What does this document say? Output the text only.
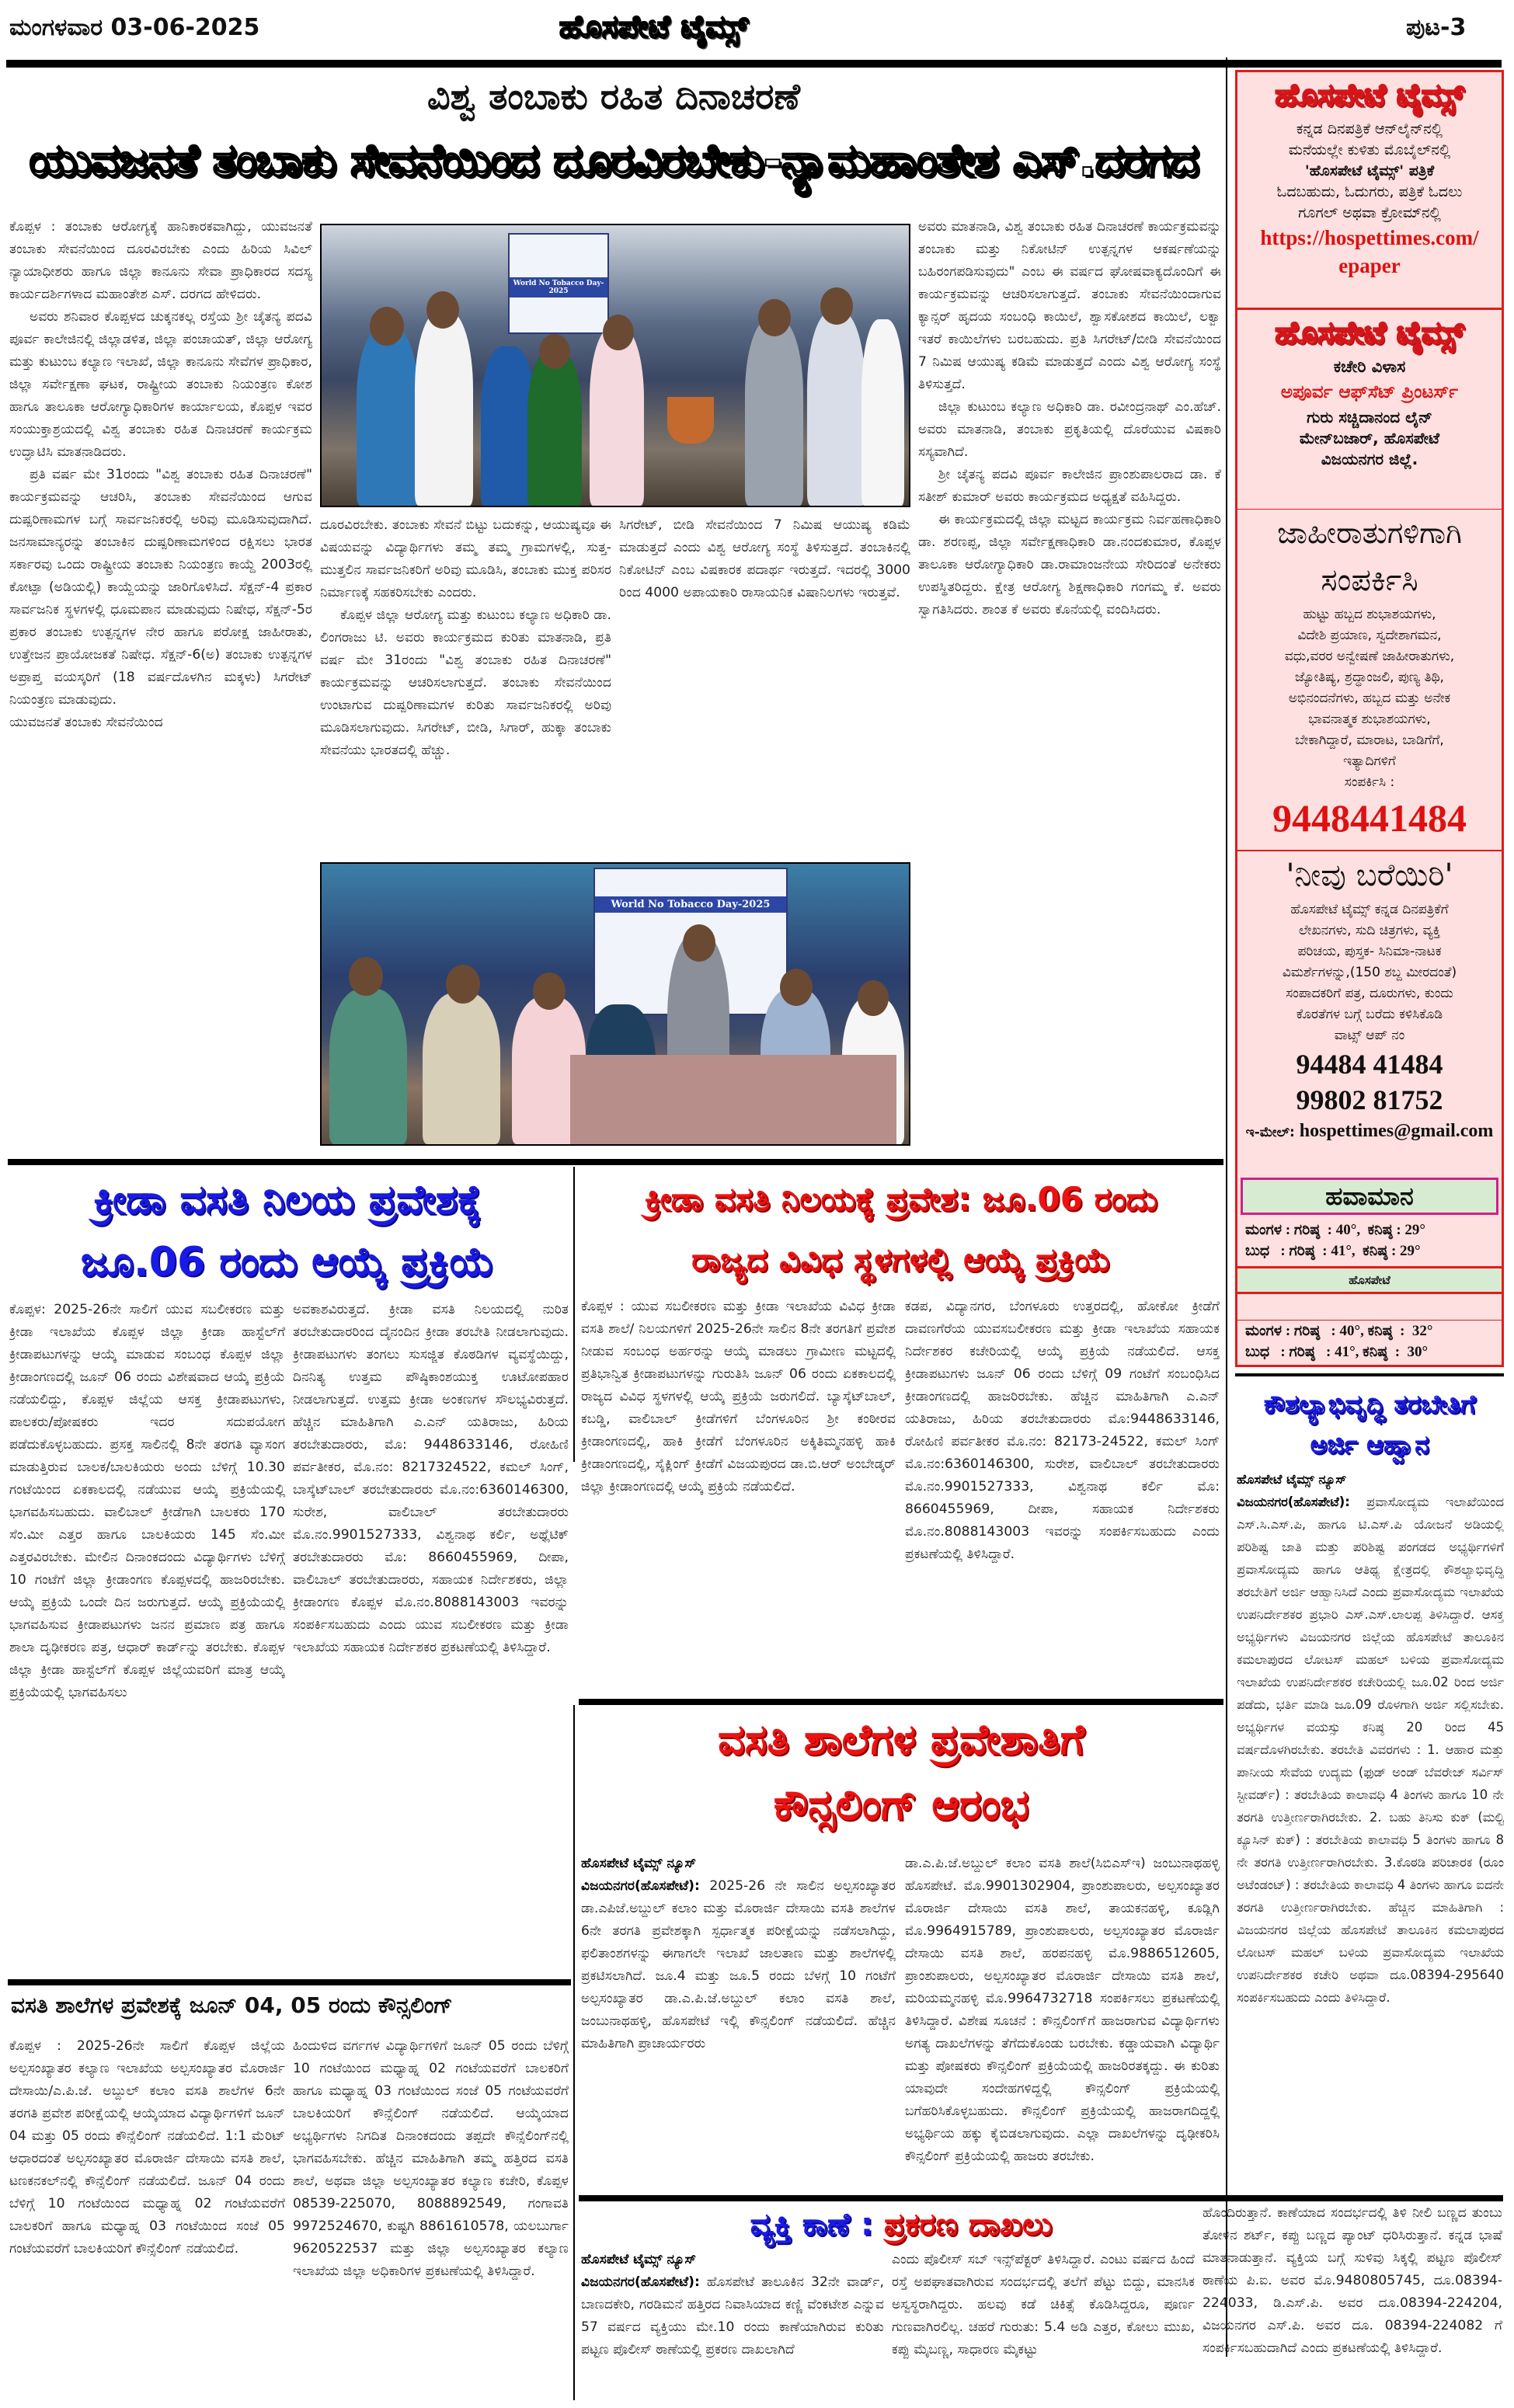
ಮಂಗಳವಾರ 03-06-2025	ಹೊಸಪೇಟೆ ಟೈಮ್ಸ್	ಪುಟ-3
ವಿಶ್ವ ತಂಬಾಕು ರಹಿತ ದಿನಾಚರಣೆ
ಯುವಜನತೆ ತಂಬಾಕು ಸೇವನೆಯಿಂದ ದೂರವಿರಬೇಕು-ನ್ಯಾಮಹಾಂತೇಶ ಎಸ್.ದರಗದ

ಕೊಪ್ಪಳ : ತಂಬಾಕು ಆರೋಗ್ಯಕ್ಕೆ ಹಾನಿಕಾರಕವಾಗಿದ್ದು, ಯುವಜನತೆ ತಂಬಾಕು ಸೇವನೆಯಿಂದ ದೂರವಿರಬೇಕು ಎಂದು ಹಿರಿಯ ಸಿವಿಲ್ ನ್ಯಾಯಾಧೀಶರು ಹಾಗೂ ಜಿಲ್ಲಾ ಕಾನೂನು ಸೇವಾ ಪ್ರಾಧಿಕಾರದ ಸದಸ್ಯ ಕಾರ್ಯದರ್ಶಿಗಳಾದ ಮಹಾಂತೇಶ ಎಸ್. ದರಗದ ಹೇಳಿದರು.

ಅವರು ಶನಿವಾರ ಕೊಪ್ಪಳದ ಚುಕ್ಕನಕಲ್ಲ ರಸ್ತೆಯ ಶ್ರೀ ಚೈತನ್ಯ ಪದವಿ ಪೂರ್ವ ಕಾಲೇಜಿನಲ್ಲಿ ಜಿಲ್ಲಾಡಳಿತ, ಜಿಲ್ಲಾ ಪಂಚಾಯತ್, ಜಿಲ್ಲಾ ಆರೋಗ್ಯ ಮತ್ತು ಕುಟುಂಬ ಕಲ್ಯಾಣ ಇಲಾಖೆ, ಜಿಲ್ಲಾ ಕಾನೂನು ಸೇವೆಗಳ ಪ್ರಾಧಿಕಾರ, ಜಿಲ್ಲಾ ಸರ್ವೇಕ್ಷಣಾ ಘಟಕ, ರಾಷ್ಟ್ರೀಯ ತಂಬಾಕು ನಿಯಂತ್ರಣ ಕೋಶ ಹಾಗೂ ತಾಲೂಕಾ ಆರೋಗ್ಯಾಧಿಕಾರಿಗಳ ಕಾರ್ಯಾಲಯ, ಕೊಪ್ಪಳ ಇವರ ಸಂಯುಕ್ತಾಶ್ರಯದಲ್ಲಿ ವಿಶ್ವ ತಂಬಾಕು ರಹಿತ ದಿನಾಚರಣೆ ಕಾರ್ಯಕ್ರಮ ಉದ್ಘಾಟಿಸಿ ಮಾತನಾಡಿದರು.

ಪ್ರತಿ ವರ್ಷ ಮೇ 31ರಂದು "ವಿಶ್ವ ತಂಬಾಕು ರಹಿತ ದಿನಾಚರಣೆ" ಕಾರ್ಯಕ್ರಮವನ್ನು ಆಚರಿಸಿ, ತಂಬಾಕು ಸೇವನೆಯಿಂದ ಆಗುವ ದುಷ್ಪರಿಣಾಮಗಳ ಬಗ್ಗೆ ಸಾರ್ವಜನಿಕರಲ್ಲಿ ಅರಿವು ಮೂಡಿಸುವುದಾಗಿದೆ. ಜನಸಾಮಾನ್ಯರನ್ನು ತಂಬಾಕಿನ ದುಷ್ಪರಿಣಾಮಗಳಿಂದ ರಕ್ಷಿಸಲು ಭಾರತ ಸರ್ಕಾರವು ಒಂದು ರಾಷ್ಟ್ರೀಯ ತಂಬಾಕು ನಿಯಂತ್ರಣ ಕಾಯ್ದೆ 2003ರಲ್ಲಿ ಕೋಟ್ಪಾ (ಅಡಿಯಲ್ಲಿ) ಕಾಯ್ದೆಯನ್ನು ಜಾರಿಗೊಳಿಸಿದೆ. ಸೆಕ್ಷನ್-4 ಪ್ರಕಾರ ಸಾರ್ವಜನಿಕ ಸ್ಥಳಗಳಲ್ಲಿ ಧೂಮಪಾನ ಮಾಡುವುದು ನಿಷೇಧ, ಸೆಕ್ಷನ್-5ರ ಪ್ರಕಾರ ತಂಬಾಕು ಉತ್ಪನ್ನಗಳ ನೇರ ಹಾಗೂ ಪರೋಕ್ಷ ಜಾಹೀರಾತು, ಉತ್ತೇಜನ ಪ್ರಾಯೋಜಕತೆ ನಿಷೇಧ. ಸೆಕ್ಷನ್-6(ಅ) ತಂಬಾಕು ಉತ್ಪನ್ನಗಳ ಅಪ್ರಾಪ್ತ ವಯಸ್ಕರಿಗೆ (18 ವರ್ಷದೊಳಗಿನ ಮಕ್ಕಳು) ಸಿಗರೇಟ್ ನಿಯಂತ್ರಣ ಮಾಡುವುದು.

ಯುವಜನತೆ ತಂಬಾಕು ಸೇವನೆಯಿಂದ

World No Tobacco Day-2025

ದೂರವಿರಬೇಕು. ತಂಬಾಕು ಸೇವನೆ ಬಿಟ್ಟು ಬದುಕನ್ನು, ಆಯುಷ್ಯವೂ ಈ ವಿಷಯವನ್ನು ವಿದ್ಯಾರ್ಥಿಗಳು ತಮ್ಮ ತಮ್ಮ ಗ್ರಾಮಗಳಲ್ಲಿ, ಸುತ್ತ-ಮುತ್ತಲಿನ ಸಾರ್ವಜನಿಕರಿಗೆ ಅರಿವು ಮೂಡಿಸಿ, ತಂಬಾಕು ಮುಕ್ತ ಪರಿಸರ ನಿರ್ಮಾಣಕ್ಕೆ ಸಹಕರಿಸಬೇಕು ಎಂದರು.

ಕೊಪ್ಪಳ ಜಿಲ್ಲಾ ಆರೋಗ್ಯ ಮತ್ತು ಕುಟುಂಬ ಕಲ್ಯಾಣ ಅಧಿಕಾರಿ ಡಾ. ಲಿಂಗರಾಜು ಟಿ. ಅವರು ಕಾರ್ಯಕ್ರಮದ ಕುರಿತು ಮಾತನಾಡಿ, ಪ್ರತಿ ವರ್ಷ ಮೇ 31ರಂದು "ವಿಶ್ವ ತಂಬಾಕು ರಹಿತ ದಿನಾಚರಣೆ" ಕಾರ್ಯಕ್ರಮವನ್ನು ಆಚರಿಸಲಾಗುತ್ತದೆ. ತಂಬಾಕು ಸೇವನೆಯಿಂದ ಉಂಟಾಗುವ ದುಷ್ಪರಿಣಾಮಗಳ ಕುರಿತು ಸಾರ್ವಜನಿಕರಲ್ಲಿ ಅರಿವು ಮೂಡಿಸಲಾಗುವುದು. ಸಿಗರೇಟ್, ಬೀಡಿ, ಸಿಗಾರ್, ಹುಕ್ಕಾ ತಂಬಾಕು ಸೇವನೆಯು ಭಾರತದಲ್ಲಿ ಹೆಚ್ಚು.

ಸಿಗರೇಟ್, ಬೀಡಿ ಸೇವನೆಯಿಂದ 7 ನಿಮಿಷ ಆಯುಷ್ಯ ಕಡಿಮೆ ಮಾಡುತ್ತದೆ ಎಂದು ವಿಶ್ವ ಆರೋಗ್ಯ ಸಂಸ್ಥೆ ತಿಳಿಸುತ್ತದೆ. ತಂಬಾಕಿನಲ್ಲಿ ನಿಕೋಟಿನ್ ಎಂಬ ವಿಷಕಾರಕ ಪದಾರ್ಥ ಇರುತ್ತದೆ. ಇದರಲ್ಲಿ 3000 ರಿಂದ 4000 ಅಪಾಯಕಾರಿ ರಾಸಾಯನಿಕ ವಿಷಾನಿಲಗಳು ಇರುತ್ತವೆ.

World No Tobacco Day-2025

ಅವರು ಮಾತನಾಡಿ, ವಿಶ್ವ ತಂಬಾಕು ರಹಿತ ದಿನಾಚರಣೆ ಕಾರ್ಯಕ್ರಮವನ್ನು ತಂಬಾಕು ಮತ್ತು ನಿಕೋಟಿನ್ ಉತ್ಪನ್ನಗಳ ಆಕರ್ಷಣೆಯನ್ನು ಬಹಿರಂಗಪಡಿಸುವುದು" ಎಂಬ ಈ ವರ್ಷದ ಘೋಷವಾಕ್ಯದೊಂದಿಗೆ ಈ ಕಾರ್ಯಕ್ರಮವನ್ನು ಆಚರಿಸಲಾಗುತ್ತದೆ. ತಂಬಾಕು ಸೇವನೆಯಿಂದಾಗುವ ಕ್ಯಾನ್ಸರ್ ಹೃದಯ ಸಂಬಂಧಿ ಕಾಯಿಲೆ, ಶ್ವಾಸಕೋಶದ ಕಾಯಿಲೆ, ಲಕ್ವಾ ಇತರೆ ಕಾಯಿಲೆಗಳು ಬರಬಹುದು. ಪ್ರತಿ ಸಿಗರೇಟ್/ಬೀಡಿ ಸೇವನೆಯಿಂದ 7 ನಿಮಿಷ ಆಯುಷ್ಯ ಕಡಿಮೆ ಮಾಡುತ್ತದೆ ಎಂದು ವಿಶ್ವ ಆರೋಗ್ಯ ಸಂಸ್ಥೆ ತಿಳಿಸುತ್ತದೆ.

ಜಿಲ್ಲಾ ಕುಟುಂಬ ಕಲ್ಯಾಣ ಅಧಿಕಾರಿ ಡಾ. ರವೀಂದ್ರನಾಥ್ ಎಂ.ಹೆಚ್. ಅವರು ಮಾತನಾಡಿ, ತಂಬಾಕು ಪ್ರಕೃತಿಯಲ್ಲಿ ದೊರೆಯುವ ವಿಷಕಾರಿ ಸಸ್ಯವಾಗಿದೆ.

ಶ್ರೀ ಚೈತನ್ಯ ಪದವಿ ಪೂರ್ವ ಕಾಲೇಜಿನ ಪ್ರಾಂಶುಪಾಲರಾದ ಡಾ. ಕೆ ಸತೀಶ್ ಕುಮಾರ್ ಅವರು ಕಾರ್ಯಕ್ರಮದ ಅಧ್ಯಕ್ಷತೆ ವಹಿಸಿದ್ದರು.

ಈ ಕಾರ್ಯಕ್ರಮದಲ್ಲಿ ಜಿಲ್ಲಾ ಮಟ್ಟದ ಕಾರ್ಯಕ್ರಮ ನಿರ್ವಹಣಾಧಿಕಾರಿ ಡಾ. ಶರಣಪ್ಪ, ಜಿಲ್ಲಾ ಸರ್ವೇಕ್ಷಣಾಧಿಕಾರಿ ಡಾ.ನಂದಕುಮಾರ, ಕೊಪ್ಪಳ ತಾಲೂಕಾ ಆರೋಗ್ಯಾಧಿಕಾರಿ ಡಾ.ರಾಮಾಂಜನೇಯ ಸೇರಿದಂತೆ ಅನೇಕರು ಉಪಸ್ಥಿತರಿದ್ದರು. ಕ್ಷೇತ್ರ ಆರೋಗ್ಯ ಶಿಕ್ಷಣಾಧಿಕಾರಿ ಗಂಗಮ್ಮ ಕೆ. ಅವರು ಸ್ವಾಗತಿಸಿದರು. ಶಾಂತ ಕೆ ಅವರು ಕೊನೆಯಲ್ಲಿ ವಂದಿಸಿದರು.

ಕ್ರೀಡಾ ವಸತಿ ನಿಲಯ ಪ್ರವೇಶಕ್ಕೆ
ಜೂ.06 ರಂದು ಆಯ್ಕೆ ಪ್ರಕ್ರಿಯೆ

ಕೊಪ್ಪಳ: 2025-26ನೇ ಸಾಲಿಗೆ ಯುವ ಸಬಲೀಕರಣ ಮತ್ತು ಕ್ರೀಡಾ ಇಲಾಖೆಯ ಕೊಪ್ಪಳ ಜಿಲ್ಲಾ ಕ್ರೀಡಾ ಹಾಸ್ಟೆಲ್‌ಗೆ ಕ್ರೀಡಾಪಟುಗಳನ್ನು ಆಯ್ಕೆ ಮಾಡುವ ಸಂಬಂಧ ಕೊಪ್ಪಳ ಜಿಲ್ಲಾ ಕ್ರೀಡಾಂಗಣದಲ್ಲಿ ಜೂನ್ 06 ರಂದು ವಿಶೇಷವಾದ ಆಯ್ಕೆ ಪ್ರಕ್ರಿಯೆ ನಡೆಯಲಿದ್ದು, ಕೊಪ್ಪಳ ಜಿಲ್ಲೆಯ ಆಸಕ್ತ ಕ್ರೀಡಾಪಟುಗಳು, ಪಾಲಕರು/ಪೋಷಕರು ಇದರ ಸದುಪಯೋಗ ಪಡೆದುಕೊಳ್ಳಬಹುದು. ಪ್ರಸಕ್ತ ಸಾಲಿನಲ್ಲಿ 8ನೇ ತರಗತಿ ವ್ಯಾಸಂಗ ಮಾಡುತ್ತಿರುವ ಬಾಲಕ/ಬಾಲಕಿಯರು ಅಂದು ಬೆಳಿಗ್ಗೆ 10.30 ಗಂಟೆಯಿಂದ ಏಕಕಾಲದಲ್ಲಿ ನಡೆಯುವ ಆಯ್ಕೆ ಪ್ರಕ್ರಿಯೆಯಲ್ಲಿ ಭಾಗವಹಿಸಬಹುದು. ವಾಲಿಬಾಲ್ ಕ್ರೀಡೆಗಾಗಿ ಬಾಲಕರು 170 ಸೆಂ.ಮೀ ಎತ್ತರ ಹಾಗೂ ಬಾಲಕಿಯರು 145 ಸೆಂ.ಮೀ ಎತ್ತರವಿರಬೇಕು. ಮೇಲಿನ ದಿನಾಂಕದಂದು ವಿದ್ಯಾರ್ಥಿಗಳು ಬೆಳಿಗ್ಗೆ 10 ಗಂಟೆಗೆ ಜಿಲ್ಲಾ ಕ್ರೀಡಾಂಗಣ ಕೊಪ್ಪಳದಲ್ಲಿ ಹಾಜರಿರಬೇಕು. ಆಯ್ಕೆ ಪ್ರಕ್ರಿಯೆ ಒಂದೇ ದಿನ ಜರುಗುತ್ತದೆ. ಆಯ್ಕೆ ಪ್ರಕ್ರಿಯೆಯಲ್ಲಿ ಭಾಗವಹಿಸುವ ಕ್ರೀಡಾಪಟುಗಳು ಜನನ ಪ್ರಮಾಣ ಪತ್ರ ಹಾಗೂ ಶಾಲಾ ದೃಢೀಕರಣ ಪತ್ರ, ಆಧಾರ್ ಕಾರ್ಡ್‌ನ್ನು ತರಬೇಕು. ಕೊಪ್ಪಳ ಜಿಲ್ಲಾ ಕ್ರೀಡಾ ಹಾಸ್ಟೆಲ್‌ಗೆ ಕೊಪ್ಪಳ ಜಿಲ್ಲೆಯವರಿಗೆ ಮಾತ್ರ ಆಯ್ಕೆ ಪ್ರಕ್ರಿಯೆಯಲ್ಲಿ ಭಾಗವಹಿಸಲು

ಅವಕಾಶವಿರುತ್ತದೆ. ಕ್ರೀಡಾ ವಸತಿ ನಿಲಯದಲ್ಲಿ ನುರಿತ ತರಬೇತುದಾರರಿಂದ ದೈನಂದಿನ ಕ್ರೀಡಾ ತರಬೇತಿ ನೀಡಲಾಗುವುದು. ಕ್ರೀಡಾಪಟುಗಳು ತಂಗಲು ಸುಸಜ್ಜಿತ ಕೊಠಡಿಗಳ ವ್ಯವಸ್ಥೆಯಿದ್ದು, ದಿನನಿತ್ಯ ಉತ್ತಮ ಪೌಷ್ಠಿಕಾಂಶಯುಕ್ತ ಊಟೋಪಹಾರ ನೀಡಲಾಗುತ್ತದೆ. ಉತ್ತಮ ಕ್ರೀಡಾ ಅಂಕಣಗಳ ಸೌಲಭ್ಯವಿರುತ್ತದೆ. ಹೆಚ್ಚಿನ ಮಾಹಿತಿಗಾಗಿ ಎ.ಎನ್ ಯತಿರಾಜು, ಹಿರಿಯ ತರಬೇತುದಾರರು, ಮೊ: 9448633146, ರೋಹಿಣಿ ಪರ್ವತೀಕರ, ಮೊ.ನಂ: 8217324522, ಕಮಲ್ ಸಿಂಗ್, ಬಾಸ್ಕೆಟ್‌ಬಾಲ್ ತರಬೇತುದಾರರು ಮೊ.ನಂ:6360146300, ಸುರೇಶ, ವಾಲಿಬಾಲ್ ತರಬೇತುದಾರರು ಮೊ.ನಂ.9901527333, ವಿಶ್ವನಾಥ ಕರ್ಲಿ, ಅಥ್ಲೆಟಿಕ್ ತರಬೇತುದಾರರು ಮೊ: 8660455969, ದೀಪಾ, ವಾಲಿಬಾಲ್ ತರಬೇತುದಾರರು, ಸಹಾಯಕ ನಿರ್ದೇಶಕರು, ಜಿಲ್ಲಾ ಕ್ರೀಡಾಂಗಣ ಕೊಪ್ಪಳ ಮೊ.ನಂ.8088143003 ಇವರನ್ನು ಸಂಪರ್ಕಿಸಬಹುದು ಎಂದು ಯುವ ಸಬಲೀಕರಣ ಮತ್ತು ಕ್ರೀಡಾ ಇಲಾಖೆಯ ಸಹಾಯಕ ನಿರ್ದೇಶಕರ ಪ್ರಕಟಣೆಯಲ್ಲಿ ತಿಳಿಸಿದ್ದಾರೆ.

ಕ್ರೀಡಾ ವಸತಿ ನಿಲಯಕ್ಕೆ ಪ್ರವೇಶ: ಜೂ.06 ರಂದು
ರಾಜ್ಯದ ವಿವಿಧ ಸ್ಥಳಗಳಲ್ಲಿ ಆಯ್ಕೆ ಪ್ರಕ್ರಿಯೆ

ಕೊಪ್ಪಳ : ಯುವ ಸಬಲೀಕರಣ ಮತ್ತು ಕ್ರೀಡಾ ಇಲಾಖೆಯ ವಿವಿಧ ಕ್ರೀಡಾ ವಸತಿ ಶಾಲೆ/ ನಿಲಯಗಳಿಗೆ 2025-26ನೇ ಸಾಲಿನ 8ನೇ ತರಗತಿಗೆ ಪ್ರವೇಶ ನೀಡುವ ಸಂಬಂಧ ಅರ್ಹರನ್ನು ಆಯ್ಕೆ ಮಾಡಲು ಗ್ರಾಮೀಣ ಮಟ್ಟದಲ್ಲಿ ಪ್ರತಿಭಾನ್ವಿತ ಕ್ರೀಡಾಪಟುಗಳನ್ನು ಗುರುತಿಸಿ ಜೂನ್ 06 ರಂದು ಏಕಕಾಲದಲ್ಲಿ ರಾಜ್ಯದ ವಿವಿಧ ಸ್ಥಳಗಳಲ್ಲಿ ಆಯ್ಕೆ ಪ್ರಕ್ರಿಯೆ ಜರುಗಲಿದೆ. ಬ್ಯಾಸ್ಕೆಟ್‌ಬಾಲ್, ಕಬಡ್ಡಿ, ವಾಲಿಬಾಲ್ ಕ್ರೀಡೆಗಳಿಗೆ ಬೆಂಗಳೂರಿನ ಶ್ರೀ ಕಂಠೀರವ ಕ್ರೀಡಾಂಗಣದಲ್ಲಿ, ಹಾಕಿ ಕ್ರೀಡೆಗೆ ಬೆಂಗಳೂರಿನ ಅಕ್ಕಿತಿಮ್ಮನಹಳ್ಳಿ ಹಾಕಿ ಕ್ರೀಡಾಂಗಣದಲ್ಲಿ, ಸೈಕ್ಲಿಂಗ್ ಕ್ರೀಡೆಗೆ ವಿಜಯಪುರದ ಡಾ.ಬಿ.ಆರ್ ಅಂಬೇಡ್ಕರ್ ಜಿಲ್ಲಾ ಕ್ರೀಡಾಂಗಣದಲ್ಲಿ ಆಯ್ಕೆ ಪ್ರಕ್ರಿಯೆ ನಡೆಯಲಿದೆ.

ಕಡಪ, ವಿದ್ಯಾನಗರ, ಬೆಂಗಳೂರು ಉತ್ತರದಲ್ಲಿ, ಹೋಕೋ ಕ್ರೀಡೆಗೆ ದಾವಣಗೆರೆಯ ಯುವಸಬಲೀಕರಣ ಮತ್ತು ಕ್ರೀಡಾ ಇಲಾಖೆಯ ಸಹಾಯಕ ನಿರ್ದೇಶಕರ ಕಚೇರಿಯಲ್ಲಿ ಆಯ್ಕೆ ಪ್ರಕ್ರಿಯೆ ನಡೆಯಲಿದೆ. ಆಸಕ್ತ ಕ್ರೀಡಾಪಟುಗಳು ಜೂನ್ 06 ರಂದು ಬೆಳಿಗ್ಗೆ 09 ಗಂಟೆಗೆ ಸಂಬಂಧಿಸಿದ ಕ್ರೀಡಾಂಗಣದಲ್ಲಿ ಹಾಜರಿರಬೇಕು. ಹೆಚ್ಚಿನ ಮಾಹಿತಿಗಾಗಿ ಎ.ಎನ್ ಯತಿರಾಜು, ಹಿರಿಯ ತರಬೇತುದಾರರು ಮೊ:9448633146, ರೋಹಿಣಿ ಪರ್ವತೀಕರ ಮೊ.ನಂ: 82173-24522, ಕಮಲ್ ಸಿಂಗ್ ಮೊ.ನಂ:6360146300, ಸುರೇಶ, ವಾಲಿಬಾಲ್ ತರಬೇತುದಾರರು ಮೊ.ನಂ.9901527333, ವಿಶ್ವನಾಥ ಕರ್ಲಿ ಮೊ: 8660455969, ದೀಪಾ, ಸಹಾಯಕ ನಿರ್ದೇಶಕರು ಮೊ.ನಂ.8088143003 ಇವರನ್ನು ಸಂಪರ್ಕಿಸಬಹುದು ಎಂದು ಪ್ರಕಟಣೆಯಲ್ಲಿ ತಿಳಿಸಿದ್ದಾರೆ.

ವಸತಿ ಶಾಲೆಗಳ ಪ್ರವೇಶಾತಿಗೆ
ಕೌನ್ಸಲಿಂಗ್ ಆರಂಭ

ಹೊಸಪೇಟೆ ಟೈಮ್ಸ್ ನ್ಯೂಸ್

ವಿಜಯನಗರ(ಹೊಸಪೇಟೆ): 2025-26 ನೇ ಸಾಲಿನ ಅಲ್ಪಸಂಖ್ಯಾತರ ಡಾ.ಎಪಿಜೆ.ಅಬ್ದುಲ್ ಕಲಾಂ ಮತ್ತು ಮೊರಾರ್ಜಿ ದೇಸಾಯಿ ವಸತಿ ಶಾಲೆಗಳ 6ನೇ ತರಗತಿ ಪ್ರವೇಶಕ್ಕಾಗಿ ಸ್ಪರ್ಧಾತ್ಮಕ ಪರೀಕ್ಷೆಯನ್ನು ನಡೆಸಲಾಗಿದ್ದು, ಫಲಿತಾಂಶಗಳನ್ನು ಈಗಾಗಲೇ ಇಲಾಖೆ ಜಾಲತಾಣ ಮತ್ತು ಶಾಲೆಗಳಲ್ಲಿ ಪ್ರಕಟಿಸಲಾಗಿದೆ. ಜೂ.4 ಮತ್ತು ಜೂ.5 ರಂದು ಬೆಳಗ್ಗೆ 10 ಗಂಟೆಗೆ ಅಲ್ಪಸಂಖ್ಯಾತರ ಡಾ.ಎ.ಪಿ.ಜೆ.ಅಬ್ದುಲ್ ಕಲಾಂ ವಸತಿ ಶಾಲೆ, ಜಂಬುನಾಥಹಳ್ಳಿ, ಹೊಸಪೇಟೆ ಇಲ್ಲಿ ಕೌನ್ಸಲಿಂಗ್ ನಡೆಯಲಿದೆ. ಹೆಚ್ಚಿನ ಮಾಹಿತಿಗಾಗಿ ಪ್ರಾಚಾರ್ಯರರು

ಡಾ.ಎ.ಪಿ.ಜೆ.ಅಬ್ದುಲ್ ಕಲಾಂ ವಸತಿ ಶಾಲೆ(ಸಿಬಿಎಸ್‌ಇ) ಜಂಬುನಾಥಹಳ್ಳಿ ಹೊಸಪೇಟೆ. ಮೊ.9901302904, ಪ್ರಾಂಶುಪಾಲರು, ಅಲ್ಪಸಂಖ್ಯಾತರ ಮೊರಾರ್ಜಿ ದೇಸಾಯಿ ವಸತಿ ಶಾಲೆ, ತಾಯಕನಹಳ್ಳಿ, ಕೂಡ್ಲಿಗಿ ಮೊ.9964915789, ಪ್ರಾಂಶುಪಾಲರು, ಅಲ್ಪಸಂಖ್ಯಾತರ ಮೊರಾರ್ಜಿ ದೇಸಾಯಿ ವಸತಿ ಶಾಲೆ, ಹರಪನಹಳ್ಳಿ ಮೊ.9886512605, ಪ್ರಾಂಶುಪಾಲರು, ಅಲ್ಪಸಂಖ್ಯಾತರ ಮೊರಾರ್ಜಿ ದೇಸಾಯಿ ವಸತಿ ಶಾಲೆ, ಮರಿಯಮ್ಮನಹಳ್ಳಿ ಮೊ.9964732718 ಸಂಪರ್ಕಿಸಲು ಪ್ರಕಟಣೆಯಲ್ಲಿ ತಿಳಿಸಿದ್ದಾರೆ. ವಿಶೇಷ ಸೂಚನೆ : ಕೌನ್ಸಲಿಂಗ್‌ಗೆ ಹಾಜರಾಗುವ ವಿದ್ಯಾರ್ಥಿಗಳು ಅಗತ್ಯ ದಾಖಲೆಗಳನ್ನು ತೆಗೆದುಕೊಂಡು ಬರಬೇಕು. ಕಡ್ಡಾಯವಾಗಿ ವಿದ್ಯಾರ್ಥಿ ಮತ್ತು ಪೋಷಕರು ಕೌನ್ಸಲಿಂಗ್ ಪ್ರಕ್ರಿಯೆಯಲ್ಲಿ ಹಾಜರಿರತಕ್ಕದ್ದು. ಈ ಕುರಿತು ಯಾವುದೇ ಸಂದೇಹಗಳಿದ್ದಲ್ಲಿ ಕೌನ್ಸಲಿಂಗ್ ಪ್ರಕ್ರಿಯೆಯಲ್ಲಿ ಬಗೆಹರಿಸಿಕೊಳ್ಳಬಹುದು. ಕೌನ್ಸಲಿಂಗ್ ಪ್ರಕ್ರಿಯೆಯಲ್ಲಿ ಹಾಜರಾಗದಿದ್ದಲ್ಲಿ ಅಭ್ಯರ್ಥಿಯ ಹಕ್ಕು ಕೈಬಿಡಲಾಗುವುದು. ಎಲ್ಲಾ ದಾಖಲೆಗಳನ್ನು ದೃಢೀಕರಿಸಿ ಕೌನ್ಸಲಿಂಗ್ ಪ್ರಕ್ರಿಯೆಯಲ್ಲಿ ಹಾಜರು ತರಬೇಕು.

ವಸತಿ ಶಾಲೆಗಳ ಪ್ರವೇಶಕ್ಕೆ ಜೂನ್ 04, 05 ರಂದು ಕೌನ್ಸಲಿಂಗ್

ಕೊಪ್ಪಳ : 2025-26ನೇ ಸಾಲಿಗೆ ಕೊಪ್ಪಳ ಜಿಲ್ಲೆಯ ಅಲ್ಪಸಂಖ್ಯಾತರ ಕಲ್ಯಾಣ ಇಲಾಖೆಯ ಅಲ್ಪಸಂಖ್ಯಾತರ ಮೊರಾರ್ಜಿ ದೇಸಾಯಿ/ಎ.ಪಿ.ಜೆ. ಅಬ್ದುಲ್ ಕಲಾಂ ವಸತಿ ಶಾಲೆಗಳ 6ನೇ ತರಗತಿ ಪ್ರವೇಶ ಪರೀಕ್ಷೆಯಲ್ಲಿ ಆಯ್ಕೆಯಾದ ವಿದ್ಯಾರ್ಥಿಗಳಿಗೆ ಜೂನ್ 04 ಮತ್ತು 05 ರಂದು ಕೌನ್ಸೆಲಿಂಗ್ ನಡೆಯಲಿದೆ. 1:1 ಮೆರಿಟ್ ಆಧಾರದಂತೆ ಅಲ್ಪಸಂಖ್ಯಾತರ ಮೊರಾರ್ಜಿ ದೇಸಾಯಿ ವಸತಿ ಶಾಲೆ, ಟಣಕನಕಲ್‌ನಲ್ಲಿ ಕೌನ್ಸೆಲಿಂಗ್ ನಡೆಯಲಿದೆ. ಜೂನ್ 04 ರಂದು ಬೆಳಿಗ್ಗೆ 10 ಗಂಟೆಯಿಂದ ಮಧ್ಯಾಹ್ನ 02 ಗಂಟೆಯವರೆಗೆ ಬಾಲಕರಿಗೆ ಹಾಗೂ ಮಧ್ಯಾಹ್ನ 03 ಗಂಟೆಯಿಂದ ಸಂಜೆ 05 ಗಂಟೆಯವರೆಗೆ ಬಾಲಕಿಯರಿಗೆ ಕೌನ್ಸೆಲಿಂಗ್ ನಡೆಯಲಿದೆ.

ಹಿಂದುಳಿದ ವರ್ಗಗಳ ವಿದ್ಯಾರ್ಥಿಗಳಿಗೆ ಜೂನ್ 05 ರಂದು ಬೆಳಿಗ್ಗೆ 10 ಗಂಟೆಯಿಂದ ಮಧ್ಯಾಹ್ನ 02 ಗಂಟೆಯವರೆಗೆ ಬಾಲಕರಿಗೆ ಹಾಗೂ ಮಧ್ಯಾಹ್ನ 03 ಗಂಟೆಯಿಂದ ಸಂಜೆ 05 ಗಂಟೆಯವರೆಗೆ ಬಾಲಕಿಯರಿಗೆ ಕೌನ್ಸೆಲಿಂಗ್ ನಡೆಯಲಿದೆ. ಆಯ್ಕೆಯಾದ ಅಭ್ಯರ್ಥಿಗಳು ನಿಗದಿತ ದಿನಾಂಕದಂದು ತಪ್ಪದೇ ಕೌನ್ಸೆಲಿಂಗ್‌ನಲ್ಲಿ ಭಾಗವಹಿಸಬೇಕು. ಹೆಚ್ಚಿನ ಮಾಹಿತಿಗಾಗಿ ತಮ್ಮ ಹತ್ತಿರದ ವಸತಿ ಶಾಲೆ, ಅಥವಾ ಜಿಲ್ಲಾ ಅಲ್ಪಸಂಖ್ಯಾತರ ಕಲ್ಯಾಣ ಕಚೇರಿ, ಕೊಪ್ಪಳ 08539-225070, 8088892549, ಗಂಗಾವತಿ 9972524670, ಕುಷ್ಟಗಿ 8861610578, ಯಲಬುರ್ಗಾ 9620522537 ಮತ್ತು ಜಿಲ್ಲಾ ಅಲ್ಪಸಂಖ್ಯಾತರ ಕಲ್ಯಾಣ ಇಲಾಖೆಯ ಜಿಲ್ಲಾ ಅಧಿಕಾರಿಗಳ ಪ್ರಕಟಣೆಯಲ್ಲಿ ತಿಳಿಸಿದ್ದಾರೆ.

ವ್ಯಕ್ತಿ ಕಾಣೆ : ಪ್ರಕರಣ ದಾಖಲು

ಹೊಸಪೇಟೆ ಟೈಮ್ಸ್ ನ್ಯೂಸ್

ವಿಜಯನಗರ(ಹೊಸಪೇಟೆ): ಹೊಸಪೇಟೆ ತಾಲೂಕಿನ 32ನೇ ವಾರ್ಡ್, ಬಾಣದಕೇರಿ, ಗರಡಿಮನೆ ಹತ್ತಿರದ ನಿವಾಸಿಯಾದ ಕಣ್ಣಿ ವೆಂಕಟೇಶ ಎನ್ನುವ 57 ವರ್ಷದ ವ್ಯಕ್ತಿಯು ಮೇ.10 ರಂದು ಕಾಣೆಯಾಗಿರುವ ಕುರಿತು ಪಟ್ಟಣ ಪೊಲೀಸ್ ಠಾಣೆಯಲ್ಲಿ ಪ್ರಕರಣ ದಾಖಲಾಗಿದೆ

ಎಂದು ಪೊಲೀಸ್ ಸಬ್ ಇನ್ಸ್‌ಪೆಕ್ಟರ್ ತಿಳಿಸಿದ್ದಾರೆ. ಎಂಟು ವರ್ಷದ ಹಿಂದೆ ರಸ್ತೆ ಅಪಘಾತವಾಗಿರುವ ಸಂದರ್ಭದಲ್ಲಿ ತಲೆಗೆ ಪೆಟ್ಟು ಬಿದ್ದು, ಮಾನಸಿಕ ಅಸ್ವಸ್ಥರಾಗಿದ್ದರು. ಹಲವು ಕಡೆ ಚಿಕಿತ್ಸೆ ಕೊಡಿಸಿದ್ದರೂ, ಪೂರ್ಣ ಗುಣವಾಗಿರಲಿಲ್ಲ. ಚಹರೆ ಗುರುತು: 5.4 ಅಡಿ ಎತ್ತರ, ಕೋಲು ಮುಖ, ಕಪ್ಪು ಮೈಬಣ್ಣ, ಸಾಧಾರಣ ಮೈಕಟ್ಟು

ಹೊಂದಿರುತ್ತಾನೆ. ಕಾಣೆಯಾದ ಸಂದರ್ಭದಲ್ಲಿ ತಿಳಿ ನೀಲಿ ಬಣ್ಣದ ತುಂಬು ತೋಳಿನ ಶರ್ಟ್, ಕಪ್ಪು ಬಣ್ಣದ ಪ್ಯಾಂಟ್ ಧರಿಸಿರುತ್ತಾನೆ. ಕನ್ನಡ ಭಾಷೆ ಮಾತನಾಡುತ್ತಾನೆ. ವ್ಯಕ್ತಿಯ ಬಗ್ಗೆ ಸುಳಿವು ಸಿಕ್ಕಲ್ಲಿ ಪಟ್ಟಣ ಪೊಲೀಸ್ ಠಾಣೆಯ ಪಿ.ಐ. ಅವರ ಮೊ.9480805745, ದೂ.08394-224033, ಡಿ.ಎಸ್.ಪಿ. ಅವರ ದೂ.08394-224204, ವಿಜಯನಗರ ಎಸ್.ಪಿ. ಅವರ ದೂ. 08394-224082 ಗೆ ಸಂಪರ್ಕಿಸಬಹುದಾಗಿದೆ ಎಂದು ಪ್ರಕಟಣೆಯಲ್ಲಿ ತಿಳಿಸಿದ್ದಾರೆ.

ಹೊಸಪೇಟೆ ಟೈಮ್ಸ್
ಕನ್ನಡ ದಿನಪತ್ರಿಕೆ ಆನ್‌ಲೈನ್‌ನಲ್ಲಿ
ಮನೆಯಲ್ಲೇ ಕುಳಿತು ಮೊಬೈಲ್‌ನಲ್ಲಿ
'ಹೊಸಪೇಟೆ ಟೈಮ್ಸ್' ಪತ್ರಿಕೆ
ಓದಬಹುದು, ಓದುಗರು, ಪತ್ರಿಕೆ ಓದಲು
ಗೂಗಲ್ ಅಥವಾ ಕ್ರೋಮ್‌ನಲ್ಲಿ
https://hospettimes.com/
epaper
ಹೊಸಪೇಟೆ ಟೈಮ್ಸ್
ಕಚೇರಿ ವಿಳಾಸ
ಅಪೂರ್ವ ಆಫ್‌ಸೆಟ್ ಪ್ರಿಂಟರ್ಸ್
ಗುರು ಸಚ್ಚಿದಾನಂದ ಲೈನ್
ಮೇನ್‌ಬಜಾರ್, ಹೊಸಪೇಟೆ
ವಿಜಯನಗರ ಜಿಲ್ಲೆ.
ಜಾಹೀರಾತುಗಳಿಗಾಗಿ
ಸಂಪರ್ಕಿಸಿ
ಹುಟ್ಟು ಹಬ್ಬದ ಶುಭಾಶಯಗಳು,
ವಿದೇಶಿ ಪ್ರಯಾಣ, ಸ್ವದೇಶಾಗಮನ,
ವಧು,ವರರ ಅನ್ವೇಷಣೆ ಜಾಹೀರಾತುಗಳು,
ಜ್ಯೋತಿಷ್ಯ, ಶ್ರದ್ಧಾಂಜಲಿ, ಪುಣ್ಯ ತಿಥಿ,
ಅಭಿನಂದನೆಗಳು, ಹಬ್ಬದ ಮತ್ತು ಅನೇಕ
ಭಾವನಾತ್ಮಕ ಶುಭಾಶಯಗಳು,
ಬೇಕಾಗಿದ್ದಾರೆ, ಮಾರಾಟ, ಬಾಡಿಗೆಗೆ,
ಇತ್ಯಾದಿಗಳಿಗೆ
ಸಂಪರ್ಕಿಸಿ :
9448441484
'ನೀವು ಬರೆಯಿರಿ'
ಹೊಸಪೇಟೆ ಟೈಮ್ಸ್ ಕನ್ನಡ ದಿನಪತ್ರಿಕೆಗೆ
ಲೇಖನಗಳು, ಸುದಿ ಚಿತ್ರಗಳು, ವ್ಯಕ್ತಿ
ಪರಿಚಯ, ಪುಸ್ತಕ- ಸಿನಿಮಾ-ನಾಟಕ
ವಿಮರ್ಶೆಗಳನ್ನು,(150 ಶಬ್ದ ಮೀರದಂತೆ)
ಸಂಪಾದಕರಿಗೆ ಪತ್ರ, ದೂರುಗಳು, ಕುಂದು
ಕೊರತೆಗಳ ಬಗ್ಗೆ ಬರೆದು ಕಳಿಸಿಕೊಡಿ
ವಾಟ್ಸ್ ಆಪ್ ನಂ
94484 41484
99802 81752
ಇ-ಮೇಲ್: hospettimes@gmail.com
ಹವಾಮಾನ
ಮಂಗಳ : ಗರಿಷ್ಠ  : 40°,  ಕನಿಷ್ಠ : 29°
ಬುಧ   : ಗರಿಷ್ಠ  : 41°,  ಕನಿಷ್ಠ : 29°
ಹೊಸಪೇಟೆ
ಮಂಗಳ : ಗರಿಷ್ಠ   : 40°, ಕನಿಷ್ಠ  :  32°
ಬುಧ   : ಗರಿಷ್ಠ   : 41°, ಕನಿಷ್ಠ  :  30°
ಕೌಶಲ್ಯಾಭಿವೃದ್ಧಿ ತರಬೇತಿಗೆ
ಅರ್ಜಿ ಆಹ್ವಾನ

ಹೊಸಪೇಟೆ ಟೈಮ್ಸ್ ನ್ಯೂಸ್

ವಿಜಯನಗರ(ಹೊಸಪೇಟೆ): ಪ್ರವಾಸೋದ್ಯಮ ಇಲಾಖೆಯಿಂದ ಎಸ್.ಸಿ.ಎಸ್.ಪಿ, ಹಾಗೂ ಟಿ.ಎಸ್.ಪಿ ಯೋಜನೆ ಅಡಿಯಲ್ಲಿ ಪರಿಶಿಷ್ಟ ಜಾತಿ ಮತ್ತು ಪರಿಶಿಷ್ಟ ಪಂಗಡದ ಅಭ್ಯರ್ಥಿಗಳಿಗೆ ಪ್ರವಾಸೋದ್ಯಮ ಹಾಗೂ ಆತಿಥ್ಯ ಕ್ಷೇತ್ರದಲ್ಲಿ ಕೌಶಲ್ಯಾಭಿವೃದ್ಧಿ ತರಬೇತಿಗೆ ಅರ್ಜಿ ಆಹ್ವಾನಿಸಿದೆ ಎಂದು ಪ್ರವಾಸೋದ್ಯಮ ಇಲಾಖೆಯ ಉಪನಿರ್ದೇಶಕರ ಪ್ರಭಾರಿ ಎಸ್.ಎಸ್.ಲಾಲಪ್ಪ ತಿಳಿಸಿದ್ದಾರೆ. ಆಸಕ್ತ ಅಭ್ಯರ್ಥಿಗಳು ವಿಜಯನಗರ ಜಿಲ್ಲೆಯ ಹೊಸಪೇಟೆ ತಾಲೂಕಿನ ಕಮಲಾಪುರದ ಲೋಟಸ್ ಮಹಲ್ ಬಳಿಯ ಪ್ರವಾಸೋದ್ಯಮ ಇಲಾಖೆಯ ಉಪನಿರ್ದೇಶಕರ ಕಚೇರಿಯಲ್ಲಿ ಜೂ.02 ರಿಂದ ಅರ್ಜಿ ಪಡೆದು, ಭರ್ತಿ ಮಾಡಿ ಜೂ.09 ರೊಳಗಾಗಿ ಅರ್ಜಿ ಸಲ್ಲಿಸಬೇಕು. ಅಭ್ಯರ್ಥಿಗಳ ವಯಸ್ಸು ಕನಿಷ್ಠ 20 ರಿಂದ 45 ವರ್ಷದೊಳಗಿರಬೇಕು. ತರಬೇತಿ ವಿವರಗಳು : 1. ಆಹಾರ ಮತ್ತು ಪಾನೀಯ ಸೇವೆಯ ಉದ್ಯಮ (ಫುಡ್ ಅಂಡ್ ಬೆವರೇಜ್ ಸರ್ವಿಸ್ ಸ್ಟೀವರ್ಡ್) : ತರಬೇತಿಯ ಕಾಲಾವಧಿ 4 ತಿಂಗಳು ಹಾಗೂ 10 ನೇ ತರಗತಿ ಉತ್ತೀರ್ಣರಾಗಿರಬೇಕು. 2. ಬಹು ತಿನಿಸು ಕುಕ್ (ಮಲ್ಟಿ ಕ್ಯೂಸಿನ್ ಕುಕ್) : ತರಬೇತಿಯ ಕಾಲಾವಧಿ 5 ತಿಂಗಳು ಹಾಗೂ 8 ನೇ ತರಗತಿ ಉತ್ತೀರ್ಣರಾಗಿರಬೇಕು. 3.ಕೊಠಡಿ ಪರಿಚಾರಕ (ರೂಂ ಅಟೆಂಡಂಟ್) : ತರಬೇತಿಯ ಕಾಲಾವಧಿ 4 ತಿಂಗಳು ಹಾಗೂ ಐದನೇ ತರಗತಿ ಉತ್ತೀರ್ಣರಾಗಿರಬೇಕು. ಹೆಚ್ಚಿನ ಮಾಹಿತಿಗಾಗಿ : ವಿಜಯನಗರ ಜಿಲ್ಲೆಯ ಹೊಸಪೇಟೆ ತಾಲೂಕಿನ ಕಮಲಾಪುರದ ಲೋಟಸ್ ಮಹಲ್ ಬಳಿಯ ಪ್ರವಾಸೋದ್ಯಮ ಇಲಾಖೆಯ ಉಪನಿರ್ದೇಶಕರ ಕಚೇರಿ ಅಥವಾ ದೂ.08394-295640 ಸಂಪರ್ಕಿಸಬಹುದು ಎಂದು ತಿಳಿಸಿದ್ದಾರೆ.
